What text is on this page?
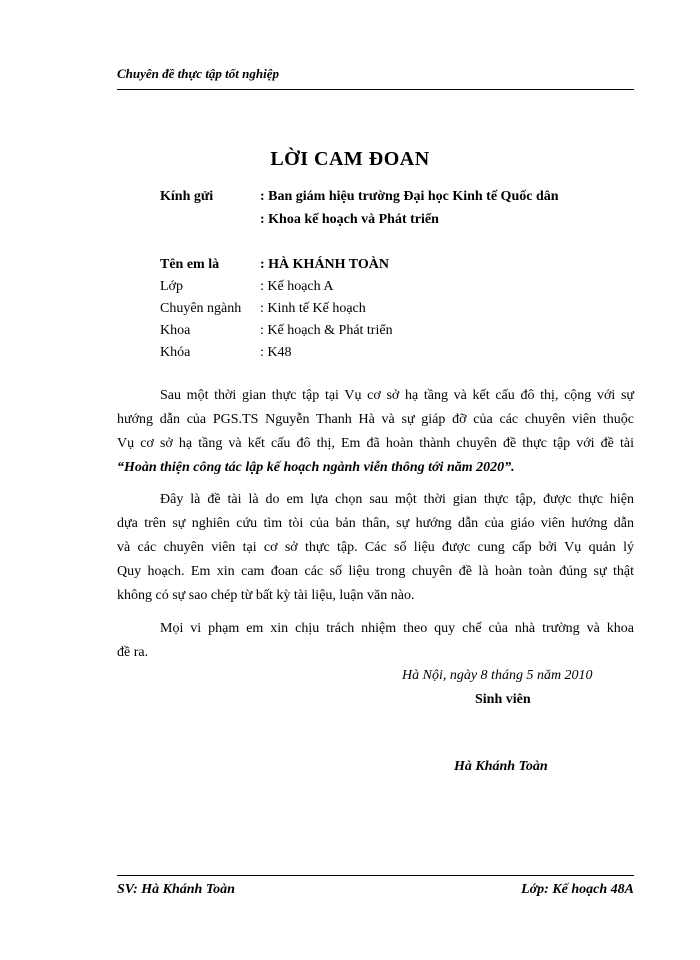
Chuyên đề thực tập tốt nghiệp
LỜI CAM ĐOAN
Kính gửi	: Ban giám hiệu trường Đại học Kinh tế Quốc dân
: Khoa kế hoạch và Phát triển
Tên em là	: HÀ KHÁNH TOÀN
Lớp	: Kế hoạch A
Chuyên ngành : Kinh tế Kế hoạch
Khoa	: Kế hoạch & Phát triển
Khóa	: K48
Sau một thời gian thực tập tại Vụ cơ sở hạ tầng và kết cấu đô thị, cộng với sự
hướng dẫn của PGS.TS Nguyễn Thanh Hà và sự giáp đỡ của các chuyên viên thuộc
Vụ cơ sở hạ tầng và kết cấu đô thị, Em đã hoàn thành chuyên đề thực tập với đề tài
“Hoàn thiện công tác lập kế hoạch ngành viễn thông tới năm 2020”.
Đây là đề tài là do em lựa chọn sau một thời gian thực tập, được thực hiện
dựa trên sự nghiên cứu tìm tòi của bản thân, sự hướng dẫn của giáo viên hướng dẫn
và các chuyên viên tại cơ sở thực tập. Các số liệu được cung cấp bởi Vụ quản lý
Quy hoạch. Em xin cam đoan các số liệu trong chuyên đề là hoàn toàn đúng sự thật
không có sự sao chép từ bất kỳ tài liệu, luận văn nào.
Mọi vi phạm em xin chịu trách nhiệm theo quy chế của nhà trường và khoa
đề ra.
Hà Nội, ngày 8 tháng 5 năm 2010
Sinh viên
Hà Khánh Toàn
SV: Hà Khánh Toàn	Lớp: Kế hoạch 48A
